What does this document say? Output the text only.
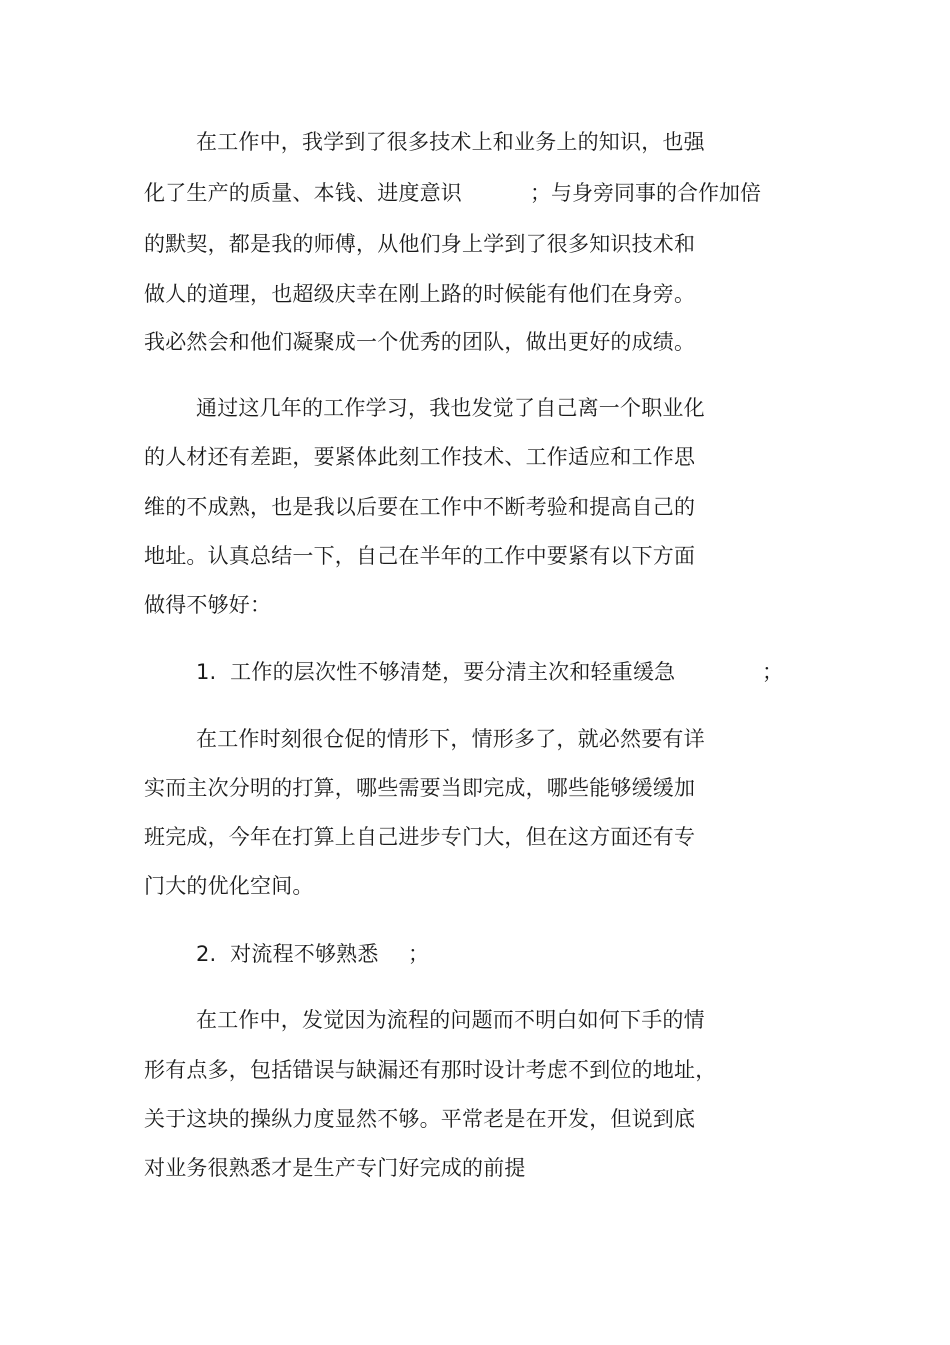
在工作中，我学到了很多技术上和业务上的知识，也强
化了生产的质量、本钱、进度意识	；与身旁同事的合作加倍
的默契，都是我的师傅，从他们身上学到了很多知识技术和
做人的道理，也超级庆幸在刚上路的时候能有他们在身旁。
我必然会和他们凝聚成一个优秀的团队，做出更好的成绩。
通过这几年的工作学习，我也发觉了自己离一个职业化
的人材还有差距，要紧体此刻工作技术、工作适应和工作思
维的不成熟，也是我以后要在工作中不断考验和提高自己的
地址。认真总结一下，自己在半年的工作中要紧有以下方面
做得不够好：
1.  工作的层次性不够清楚，要分清主次和轻重缓急	；
在工作时刻很仓促的情形下，情形多了，就必然要有详
实而主次分明的打算，哪些需要当即完成，哪些能够缓缓加
班完成，今年在打算上自己进步专门大，但在这方面还有专
门大的优化空间。
2.  对流程不够熟悉 ；
在工作中，发觉因为流程的问题而不明白如何下手的情
形有点多，包括错误与缺漏还有那时设计考虑不到位的地址，
关于这块的操纵力度显然不够。平常老是在开发，但说到底
对业务很熟悉才是生产专门好完成的前提
